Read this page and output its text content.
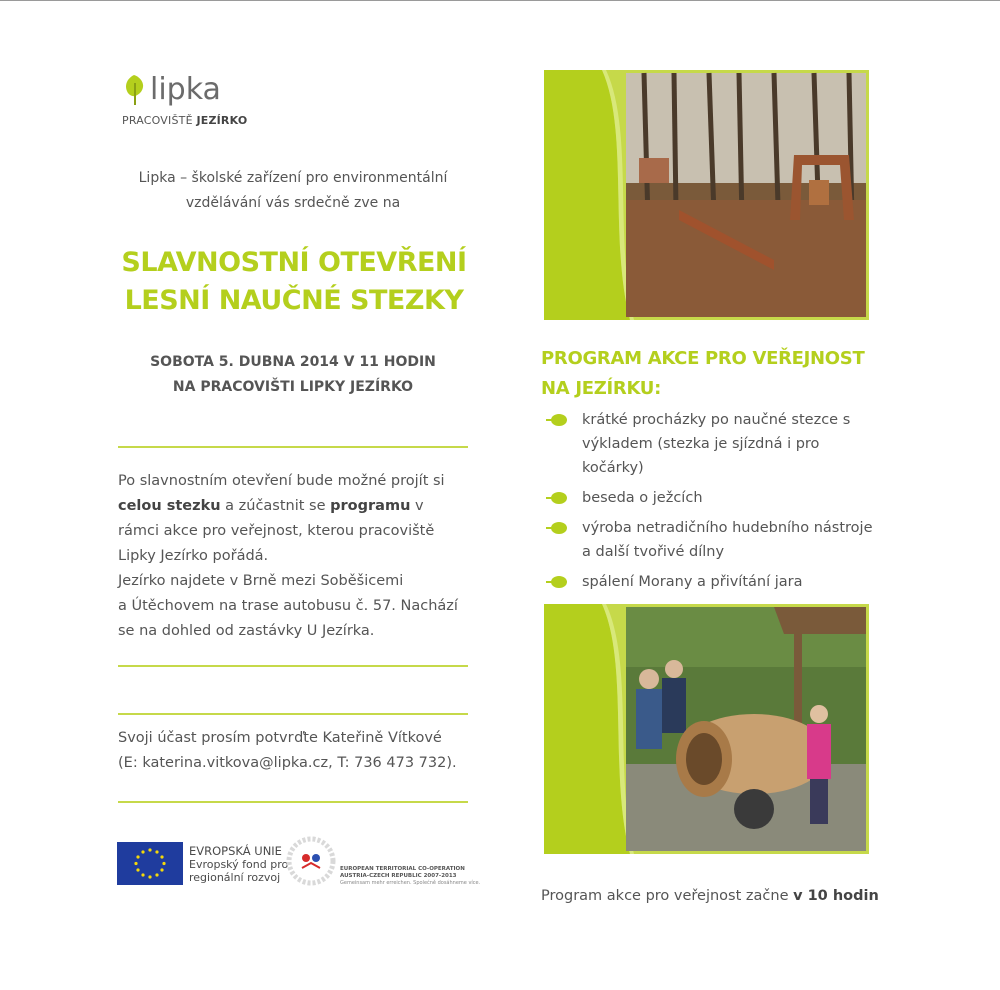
lipka
PRACOVIŠTĚ JEZÍRKO
Lipka – školské zařízení pro environmentální
vzdělávání vás srdečně zve na
SLAVNOSTNÍ OTEVŘENÍ
LESNÍ NAUČNÉ STEZKY
SOBOTA 5. DUBNA 2014 V 11 HODIN
NA PRACOVIŠTI LIPKY JEZÍRKO
Po slavnostním otevření bude možné projít si celou stezku a zúčastnit se programu v rámci akce pro veřejnost, kterou pracoviště Lipky Jezírko pořádá.
Jezírko najdete v Brně mezi Soběšicemi
a Útěchovem na trase autobusu č. 57. Nachází se na dohled od zastávky U Jezírka.
Svoji účast prosím potvrďte Kateřině Vítkové
(E: katerina.vitkova@lipka.cz, T: 736 473 732).
EVROPSKÁ UNIE
Evropský fond pro
regionální rozvoj
EUROPEAN TERRITORIAL CO-OPERATION
AUSTRIA-CZECH REPUBLIC 2007-2013
Gemeinsam mehr erreichen. Společně dosáhneme více.
PROGRAM AKCE PRO VEŘEJNOST
NA JEZÍRKU:
krátké procházky po naučné stezce s výkladem (stezka je sjízdná i pro kočárky)
beseda o ježcích
výroba netradičního hudebního nástroje a další tvořivé dílny
spálení Morany a přivítání jara
Program akce pro veřejnost začne v 10 hodin
